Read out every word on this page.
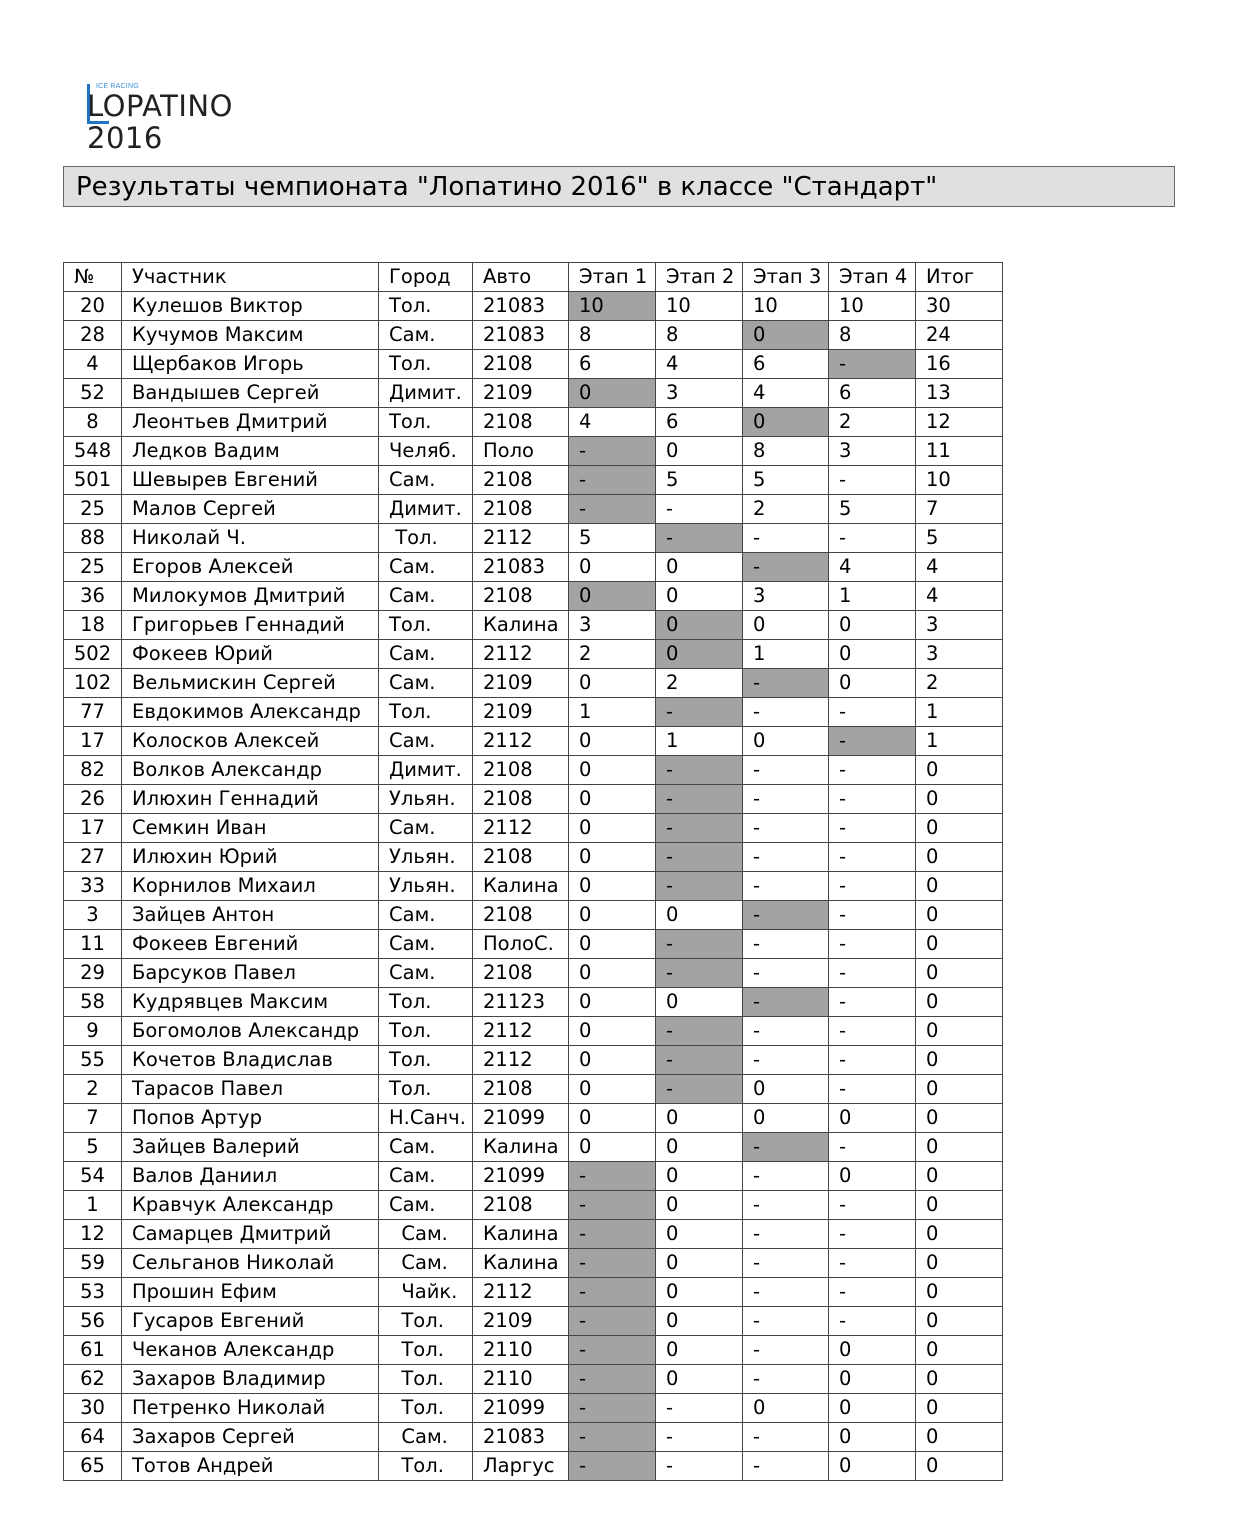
ICE RACING
LOPATINO 2016
Результаты чемпионата "Лопатино 2016" в классе "Стандарт"
№	Участник	Город	Авто	Этап 1	Этап 2	Этап 3	Этап 4	Итог
20	Кулешов Виктор	Тол.	21083	10	10	10	10	30
28	Кучумов Максим	Сам.	21083	8	8	0	8	24
4	Щербаков Игорь	Тол.	2108	6	4	6	-	16
52	Вандышев Сергей	Димит.	2109	0	3	4	6	13
8	Леонтьев Дмитрий	Тол.	2108	4	6	0	2	12
548	Ледков Вадим	Челяб.	Поло	-	0	8	3	11
501	Шевырев Евгений	Сам.	2108	-	5	5	-	10
25	Малов Сергей	Димит.	2108	-	-	2	5	7
88	Николай Ч.	Тол.	2112	5	-	-	-	5
25	Егоров Алексей	Сам.	21083	0	0	-	4	4
36	Милокумов Дмитрий	Сам.	2108	0	0	3	1	4
18	Григорьев Геннадий	Тол.	Калина	3	0	0	0	3
502	Фокеев Юрий	Сам.	2112	2	0	1	0	3
102	Вельмискин Сергей	Сам.	2109	0	2	-	0	2
77	Евдокимов Александр	Тол.	2109	1	-	-	-	1
17	Колосков Алексей	Сам.	2112	0	1	0	-	1
82	Волков Александр	Димит.	2108	0	-	-	-	0
26	Илюхин Геннадий	Ульян.	2108	0	-	-	-	0
17	Семкин Иван	Сам.	2112	0	-	-	-	0
27	Илюхин Юрий	Ульян.	2108	0	-	-	-	0
33	Корнилов Михаил	Ульян.	Калина	0	-	-	-	0
3	Зайцев Антон	Сам.	2108	0	0	-	-	0
11	Фокеев Евгений	Сам.	ПолоС.	0	-	-	-	0
29	Барсуков Павел	Сам.	2108	0	-	-	-	0
58	Кудрявцев Максим	Тол.	21123	0	0	-	-	0
9	Богомолов Александр	Тол.	2112	0	-	-	-	0
55	Кочетов Владислав	Тол.	2112	0	-	-	-	0
2	Тарасов Павел	Тол.	2108	0	-	0	-	0
7	Попов Артур	Н.Санч.	21099	0	0	0	0	0
5	Зайцев Валерий	Сам.	Калина	0	0	-	-	0
54	Валов Даниил	Сам.	21099	-	0	-	0	0
1	Кравчук Александр	Сам.	2108	-	0	-	-	0
12	Самарцев Дмитрий	Сам.	Калина	-	0	-	-	0
59	Сельганов Николай	Сам.	Калина	-	0	-	-	0
53	Прошин Ефим	Чайк.	2112	-	0	-	-	0
56	Гусаров Евгений	Тол.	2109	-	0	-	-	0
61	Чеканов Александр	Тол.	2110	-	0	-	0	0
62	Захаров Владимир	Тол.	2110	-	0	-	0	0
30	Петренко Николай	Тол.	21099	-	-	0	0	0
64	Захаров Сергей	Сам.	21083	-	-	-	0	0
65	Тотов Андрей	Тол.	Ларгус	-	-	-	0	0
